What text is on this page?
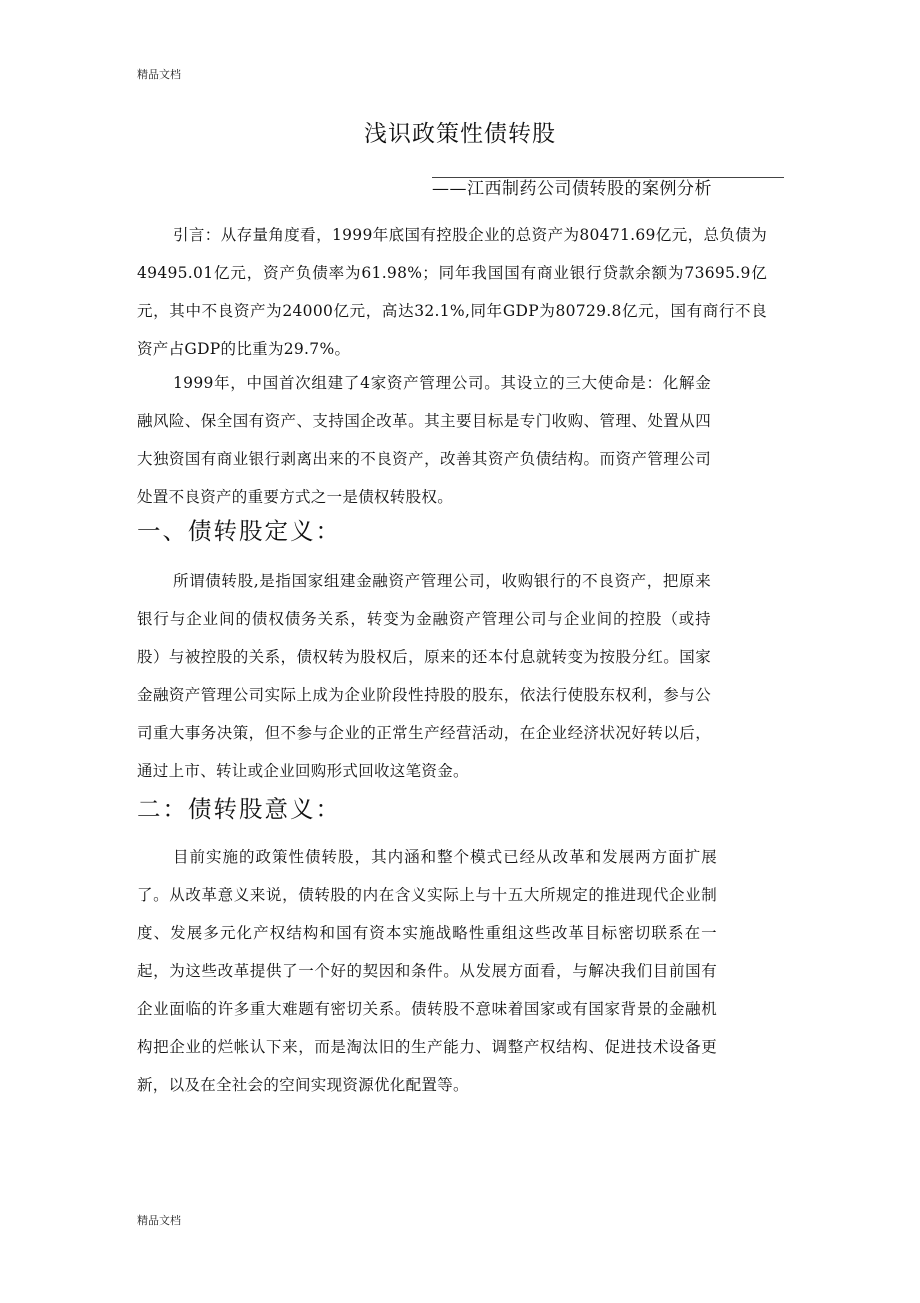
精品文档
浅识政策性债转股
——江西制药公司债转股的案例分析

引言：从存量角度看，1999年底国有控股企业的总资产为80471.69亿元，总负债为49495.01亿元，资产负债率为61.98%；同年我国国有商业银行贷款余额为73695.9亿元，其中不良资产为24000亿元，高达32.1%,同年GDP为80729.8亿元，国有商行不良资产占GDP的比重为29.7%。

1999年，中国首次组建了4家资产管理公司。其设立的三大使命是：化解金融风险、保全国有资产、支持国企改革。其主要目标是专门收购、管理、处置从四大独资国有商业银行剥离出来的不良资产，改善其资产负债结构。而资产管理公司处置不良资产的重要方式之一是债权转股权。

一、债转股定义：

所谓债转股,是指国家组建金融资产管理公司，收购银行的不良资产，把原来银行与企业间的债权债务关系，转变为金融资产管理公司与企业间的控股（或持股）与被控股的关系，债权转为股权后，原来的还本付息就转变为按股分红。国家金融资产管理公司实际上成为企业阶段性持股的股东，依法行使股东权利，参与公司重大事务决策，但不参与企业的正常生产经营活动，在企业经济状况好转以后，通过上市、转让或企业回购形式回收这笔资金。

二：债转股意义：

目前实施的政策性债转股，其内涵和整个模式已经从改革和发展两方面扩展了。从改革意义来说，债转股的内在含义实际上与十五大所规定的推进现代企业制度、发展多元化产权结构和国有资本实施战略性重组这些改革目标密切联系在一起，为这些改革提供了一个好的契因和条件。从发展方面看，与解决我们目前国有企业面临的许多重大难题有密切关系。债转股不意味着国家或有国家背景的金融机构把企业的烂帐认下来，而是淘汰旧的生产能力、调整产权结构、促进技术设备更新，以及在全社会的空间实现资源优化配置等。

精品文档
